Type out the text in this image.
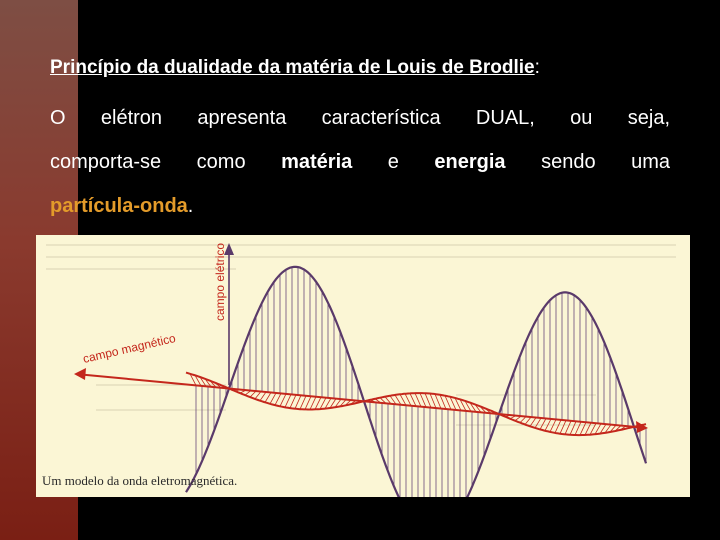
Princípio da dualidade da matéria de Louis de Brodlie:
O elétron apresenta característica DUAL, ou seja,
comporta-se como matéria e energia sendo uma
partícula-onda.
campo elétrico
campo magnético
Um modelo da onda eletromagnética.
